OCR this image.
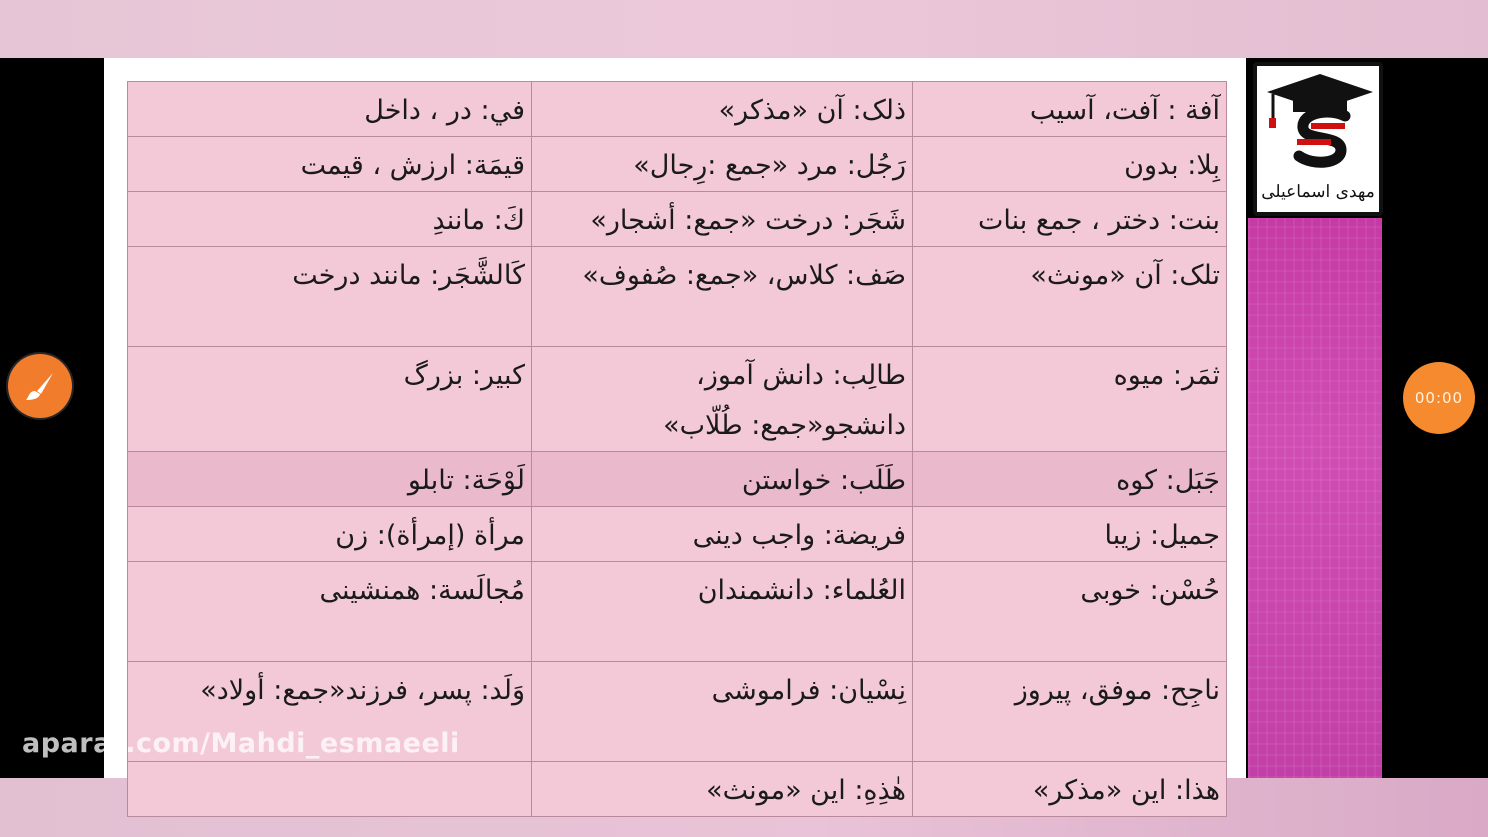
مهدی اسماعیلی
آفة : آفت، آسیب	ذلک: آن «مذکر»	في: در ، داخل
بِلا: بدون	رَجُل: مرد «جمع :رِجال»	قيمَة: ارزش ، قيمت
بنت: دختر ، جمع بنات	شَجَر: درخت «جمع: أشجار»	كَ: مانندِ
تلک: آن «مونث»	صَف: كلاس، «جمع: صُفوف»	كَالشَّجَر: مانند درخت
ثمَر: میوه	طالِب: دانش آموز، دانشجو«جمع: طُلّاب»	كبير: بزرگ
جَبَل: كوه	طَلَب: خواستن	لَوْحَة: تابلو
جميل: زيبا	فريضة: واجب دينى	مرأة (إمرأة): زن
حُسْن: خوبى	العُلماء: دانشمندان	مُجالَسة: همنشينى
ناجِح: موفق، پيروز	نِسْيان: فراموشى	وَلَد: پسر، فرزند«جمع: أولاد»
هذا: اين «مذكر»	هٰذِهِ: اين «مونث»	
aparat.com/Mahdi_esmaeeli
00:00
